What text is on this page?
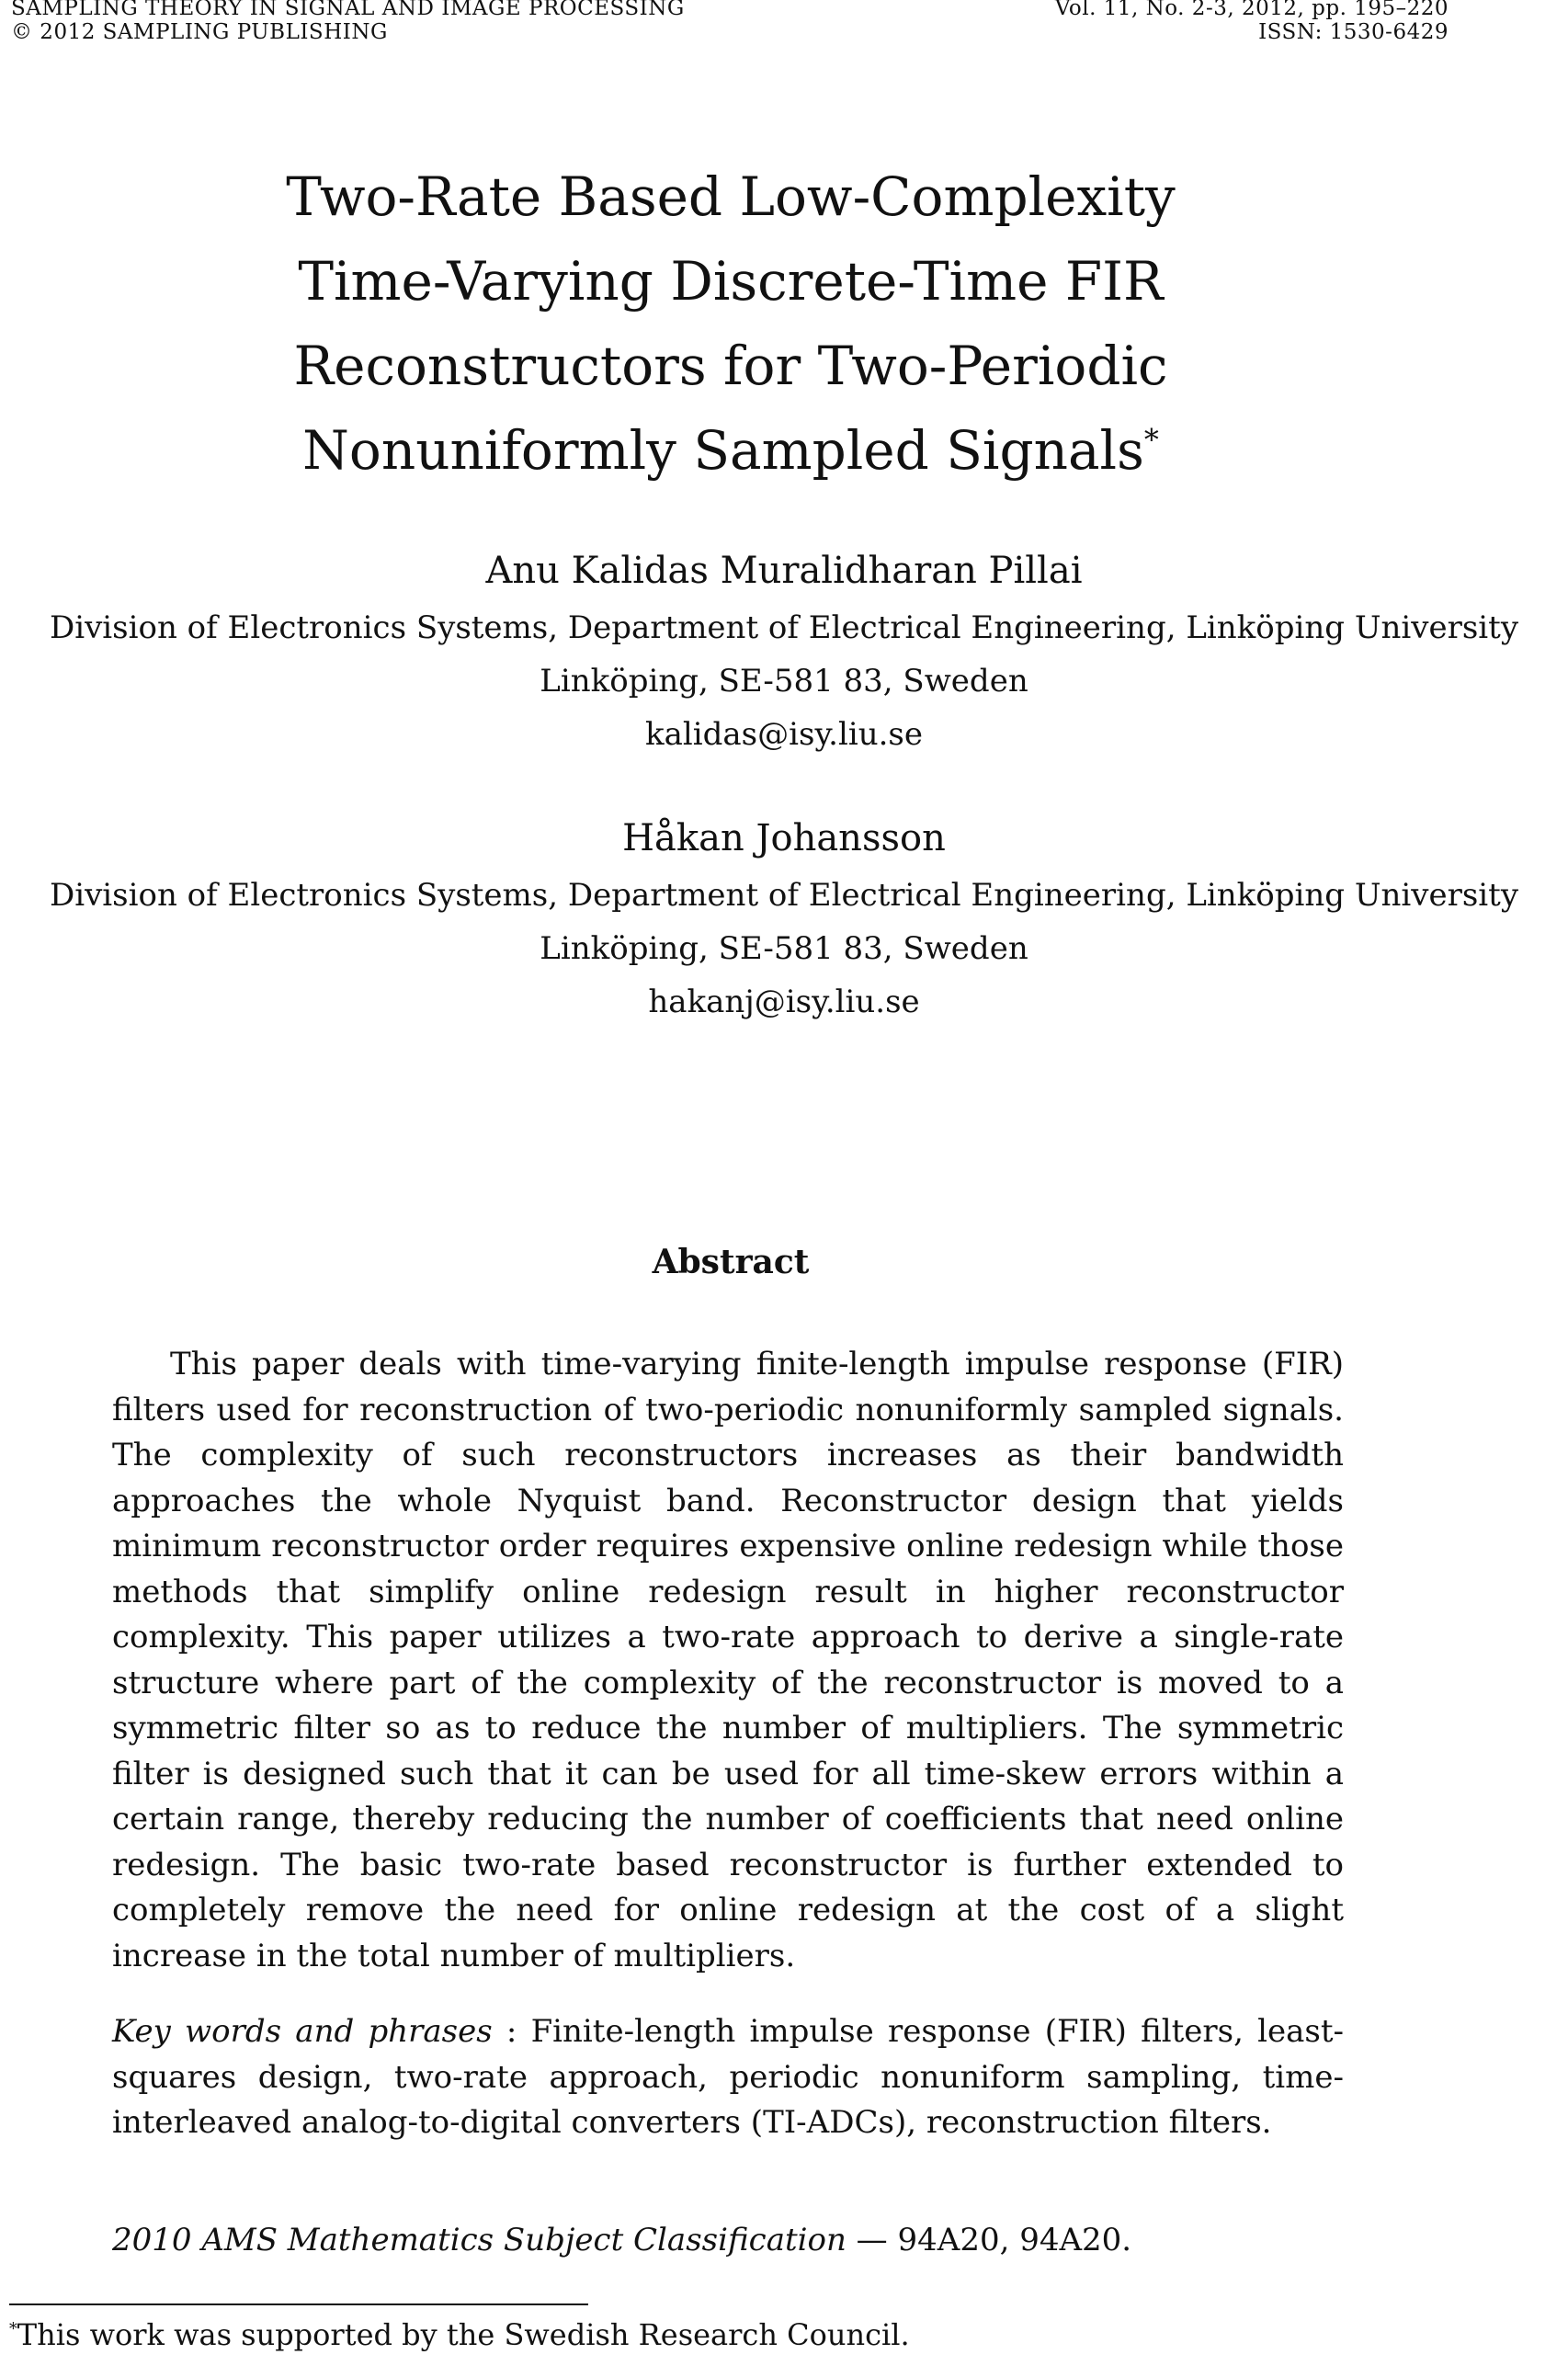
SAMPLING THEORY IN SIGNAL AND IMAGE PROCESSING
© 2012 SAMPLING PUBLISHING
Vol. 11, No. 2-3, 2012, pp. 195–220
ISSN: 1530-6429
Two-Rate Based Low-Complexity
Time-Varying Discrete-Time FIR
Reconstructors for Two-Periodic
Nonuniformly Sampled Signals*
Anu Kalidas Muralidharan Pillai
Division of Electronics Systems, Department of Electrical Engineering, Linköping University
Linköping, SE-581 83, Sweden
kalidas@isy.liu.se
Håkan Johansson
Division of Electronics Systems, Department of Electrical Engineering, Linköping University
Linköping, SE-581 83, Sweden
hakanj@isy.liu.se
Abstract
This paper deals with time-varying finite-length impulse response (FIR) filters used for reconstruction of two-periodic nonuniformly sampled signals. The complexity of such reconstructors increases as their bandwidth approaches the whole Nyquist band. Reconstructor design that yields minimum reconstructor order requires expensive online redesign while those methods that simplify online redesign result in higher reconstructor complexity. This paper utilizes a two-rate approach to derive a single-rate structure where part of the complexity of the reconstructor is moved to a symmetric filter so as to reduce the number of multipliers. The symmetric filter is designed such that it can be used for all time-skew errors within a certain range, thereby reducing the number of coefficients that need online redesign. The basic two-rate based reconstructor is further extended to completely remove the need for online redesign at the cost of a slight increase in the total number of multipliers.
Key words and phrases : Finite-length impulse response (FIR) filters, least-squares design, two-rate approach, periodic nonuniform sampling, time-interleaved analog-to-digital converters (TI-ADCs), reconstruction filters.
2010 AMS Mathematics Subject Classification — 94A20, 94A20.
*This work was supported by the Swedish Research Council.
